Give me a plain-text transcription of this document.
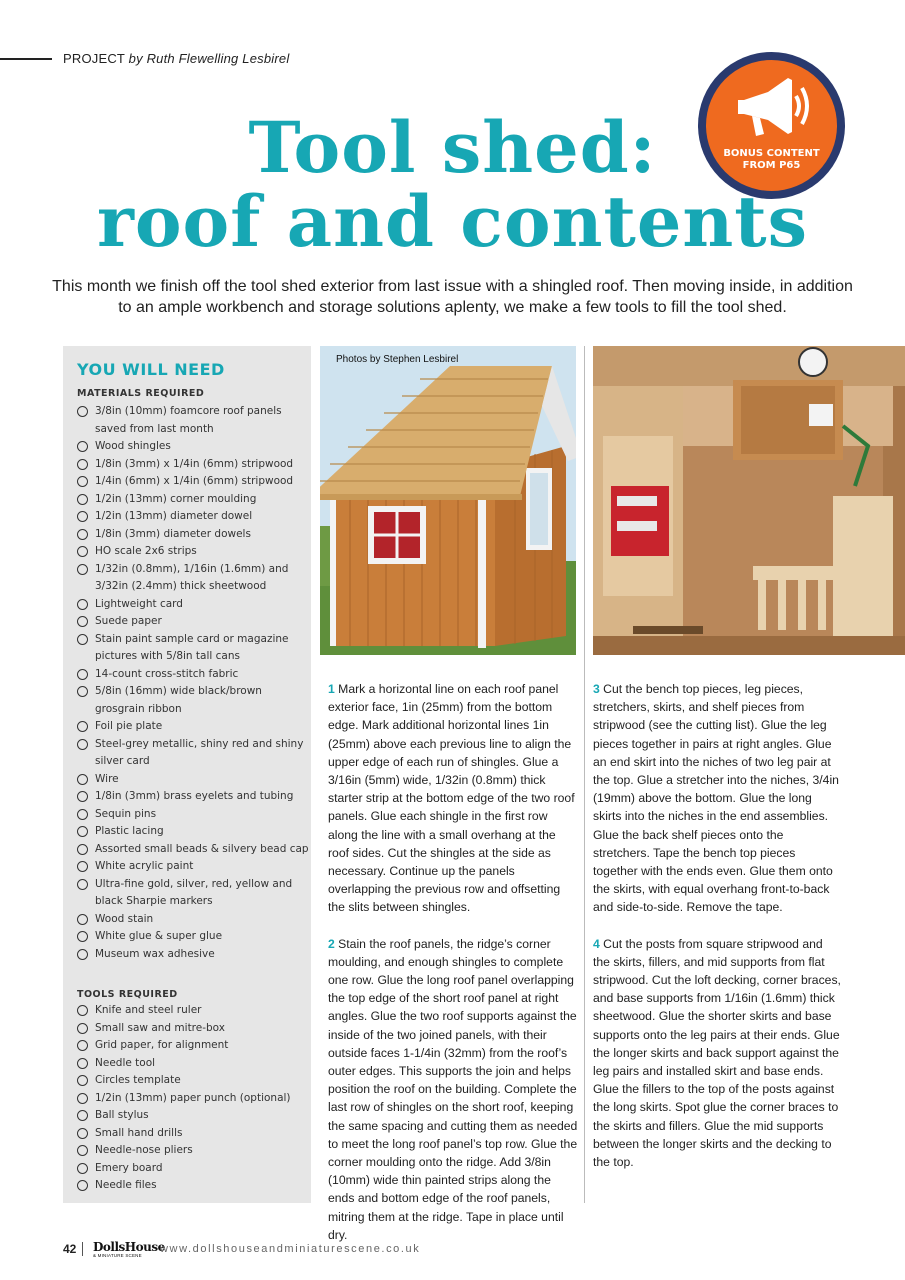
PROJECT by Ruth Flewelling Lesbirel
BONUS CONTENT
FROM P65
Tool shed:
roof and contents

This month we finish off the tool shed exterior from last issue with a shingled roof. Then moving inside, in addition to an ample workbench and storage solutions aplenty, we make a few tools to fill the tool shed.

YOU WILL NEED
MATERIALS REQUIRED
3/8in (10mm) foamcore roof panels saved from last month
Wood shingles
1/8in (3mm) x 1/4in (6mm) stripwood
1/4in (6mm) x 1/4in (6mm) stripwood
1/2in (13mm) corner moulding
1/2in (13mm) diameter dowel
1/8in (3mm) diameter dowels
HO scale 2x6 strips
1/32in (0.8mm), 1/16in (1.6mm) and 3/32in (2.4mm) thick sheetwood
Lightweight card
Suede paper
Stain paint sample card or magazine pictures with 5/8in tall cans
14-count cross-stitch fabric
5/8in (16mm) wide black/brown grosgrain ribbon
Foil pie plate
Steel-grey metallic, shiny red and shiny silver card
Wire
1/8in (3mm) brass eyelets and tubing
Sequin pins
Plastic lacing
Assorted small beads & silvery bead cap
White acrylic paint
Ultra-fine gold, silver, red, yellow and black Sharpie markers
Wood stain
White glue & super glue
Museum wax adhesive
TOOLS REQUIRED
Knife and steel ruler
Small saw and mitre-box
Grid paper, for alignment
Needle tool
Circles template
1/2in (13mm) paper punch (optional)
Ball stylus
Small hand drills
Needle-nose pliers
Emery board
Needle files
Photos by Stephen Lesbirel

1 Mark a horizontal line on each roof panel exterior face, 1in (25mm) from the bottom edge. Mark additional horizontal lines 1in (25mm) above each previous line to align the upper edge of each run of shingles. Glue a 3/16in (5mm) wide, 1/32in (0.8mm) thick starter strip at the bottom edge of the two roof panels. Glue each shingle in the first row along the line with a small overhang at the roof sides. Cut the shingles at the side as necessary. Continue up the panels overlapping the previous row and offsetting the slits between shingles.

2 Stain the roof panels, the ridge’s corner moulding, and enough shingles to complete one row. Glue the long roof panel overlapping the top edge of the short roof panel at right angles. Glue the two roof supports against the inside of the two joined panels, with their outside faces 1-1/4in (32mm) from the roof’s outer edges. This supports the join and helps position the roof on the building. Complete the last row of shingles on the short roof, keeping the same spacing and cutting them as needed to meet the long roof panel’s top row. Glue the corner moulding onto the ridge. Add 3/8in (10mm) wide thin painted strips along the ends and bottom edge of the roof panels, mitring them at the ridge. Tape in place until dry.

3 Cut the bench top pieces, leg pieces, stretchers, skirts, and shelf pieces from stripwood (see the cutting list). Glue the leg pieces together in pairs at right angles. Glue an end skirt into the niches of two leg pair at the top. Glue a stretcher into the niches, 3/4in (19mm) above the bottom. Glue the long skirts into the niches in the end assemblies. Glue the back shelf pieces onto the stretchers. Tape the bench top pieces together with the ends even. Glue them onto the skirts, with equal overhang front-to-back and side-to-side. Remove the tape.

4 Cut the posts from square stripwood and the skirts, fillers, and mid supports from flat stripwood. Cut the loft decking, corner braces, and base supports from 1/16in (1.6mm) thick sheetwood. Glue the shorter skirts and base supports onto the leg pairs at their ends. Glue the longer skirts and back support against the leg pairs and installed skirt and base ends. Glue the fillers to the top of the posts against the long skirts. Spot glue the corner braces to the skirts and fillers. Glue the mid supports between the longer skirts and the decking to the top.

42 DollsHouse
& MINIATURE SCENE
www.dollshouseandminiaturescene.co.uk
